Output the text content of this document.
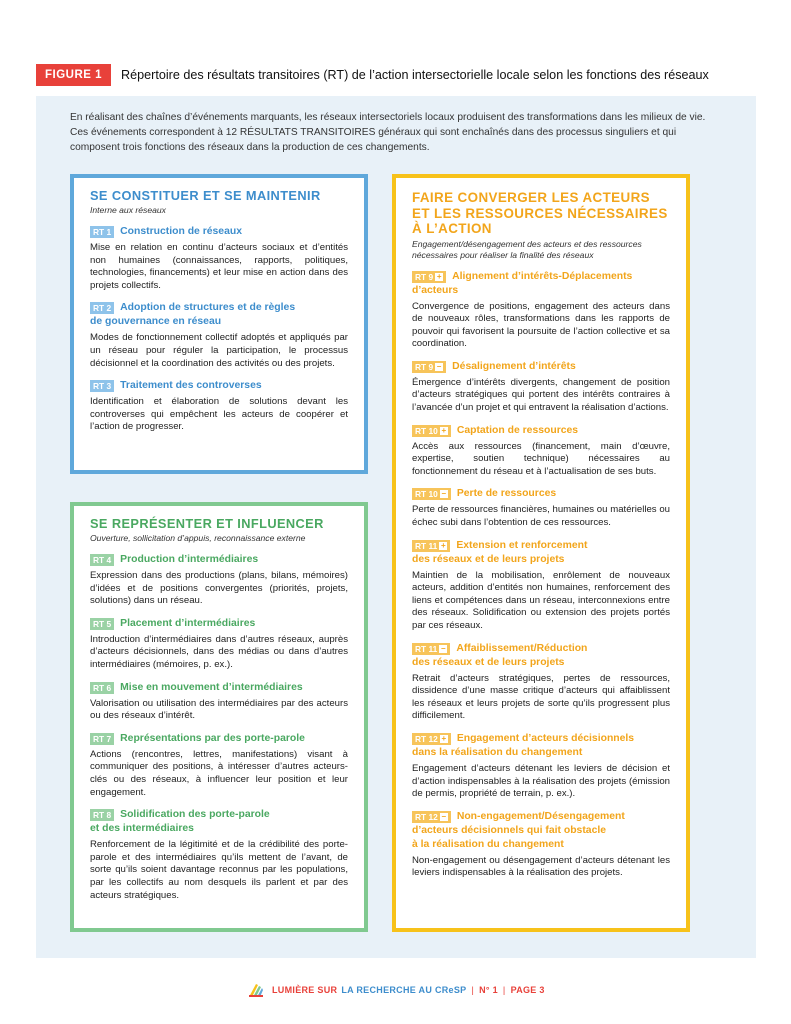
FIGURE 1	Répertoire des résultats transitoires (RT) de l’action intersectorielle locale selon les fonctions des réseaux
En réalisant des chaînes d’événements marquants, les réseaux intersectoriels locaux produisent des transformations dans les milieux de vie. Ces événements correspondent à 12 RÉSULTATS TRANSITOIRES généraux qui sont enchaînés dans des processus singuliers et qui composent trois fonctions des réseaux dans la production de ces changements.
SE CONSTITUER ET SE MAINTENIR
Interne aux réseaux
RT 1 Construction de réseaux
Mise en relation en continu d’acteurs sociaux et d’entités non humaines (connaissances, rapports, politiques, technologies, financements) et leur mise en action dans des projets collectifs.
RT 2 Adoption de structures et de règles
de gouvernance en réseau
Modes de fonctionnement collectif adoptés et appliqués par un réseau pour réguler la participation, le processus décisionnel et la coordination des activités ou des projets.
RT 3 Traitement des controverses
Identification et élaboration de solutions devant les controverses qui empêchent les acteurs de coopérer et l’action de progresser.
SE REPRÉSENTER ET INFLUENCER
Ouverture, sollicitation d’appuis, reconnaissance externe
RT 4 Production d’intermédiaires
Expression dans des productions (plans, bilans, mémoires) d’idées et de positions convergentes (priorités, projets, solutions) dans un réseau.
RT 5 Placement d’intermédiaires
Introduction d’intermédiaires dans d’autres réseaux, auprès d’acteurs décisionnels, dans des médias ou dans d’autres intermédiaires (mémoires, p. ex.).
RT 6 Mise en mouvement d’intermédiaires
Valorisation ou utilisation des intermédiaires par des acteurs ou des réseaux d’intérêt.
RT 7 Représentations par des porte-parole
Actions (rencontres, lettres, manifestations) visant à communiquer des positions, à intéresser d’autres acteurs-clés ou des réseaux, à influencer leur position et leur engagement.
RT 8 Solidification des porte-parole
et des intermédiaires
Renforcement de la légitimité et de la crédibilité des porte-parole et des intermédiaires qu’ils mettent de l’avant, de sorte qu’ils soient davantage reconnus par les populations, par les collectifs au nom desquels ils parlent et par des acteurs stratégiques.
FAIRE CONVERGER LES ACTEURS ET LES RESSOURCES NÉCESSAIRES À L’ACTION
Engagement/désengagement des acteurs et des ressources nécessaires pour réaliser la finalité des réseaux
RT 9 +	Alignement d’intérêts-Déplacements
d’acteurs
Convergence de positions, engagement des acteurs dans de nouveaux rôles, transformations dans les rapports de pouvoir qui favorisent la poursuite de l’action collective et sa coordination.
RT 9 –	Désalignement d’intérêts
Émergence d’intérêts divergents, changement de position d’acteurs stratégiques qui portent des intérêts contraires à l’avancée d’un projet et qui entravent la réalisation d’actions.
RT 10 +	Captation de ressources
Accès aux ressources (financement, main d’œuvre, expertise, soutien technique) nécessaires au fonctionnement du réseau et à l’actualisation de ses buts.
RT 10 –	Perte de ressources
Perte de ressources financières, humaines ou matérielles ou échec subi dans l’obtention de ces ressources.
RT 11 +	Extension et renforcement
des réseaux et de leurs projets
Maintien de la mobilisation, enrôlement de nouveaux acteurs, addition d’entités non humaines, renforcement des liens et compétences dans un réseau, interconnexions entre des réseaux. Solidification ou extension des projets portés par ces réseaux.
RT 11 –	Affaiblissement/Réduction
des réseaux et de leurs projets
Retrait d’acteurs stratégiques, pertes de ressources, dissidence d’une masse critique d’acteurs qui affaiblissent les réseaux et leurs projets de sorte qu’ils progressent plus difficilement.
RT 12 +	Engagement d’acteurs décisionnels
dans la réalisation du changement
Engagement d’acteurs détenant les leviers de décision et d’action indispensables à la réalisation des projets (émission de permis, propriété de terrain, p. ex.).
RT 12 –	Non-engagement/Désengagement
d’acteurs décisionnels qui fait obstacle
à la réalisation du changement
Non-engagement ou désengagement d’acteurs détenant les leviers indispensables à la réalisation des projets.
LUMIÈRE SUR LA RECHERCHE AU CReSP | N° 1 | PAGE 3
